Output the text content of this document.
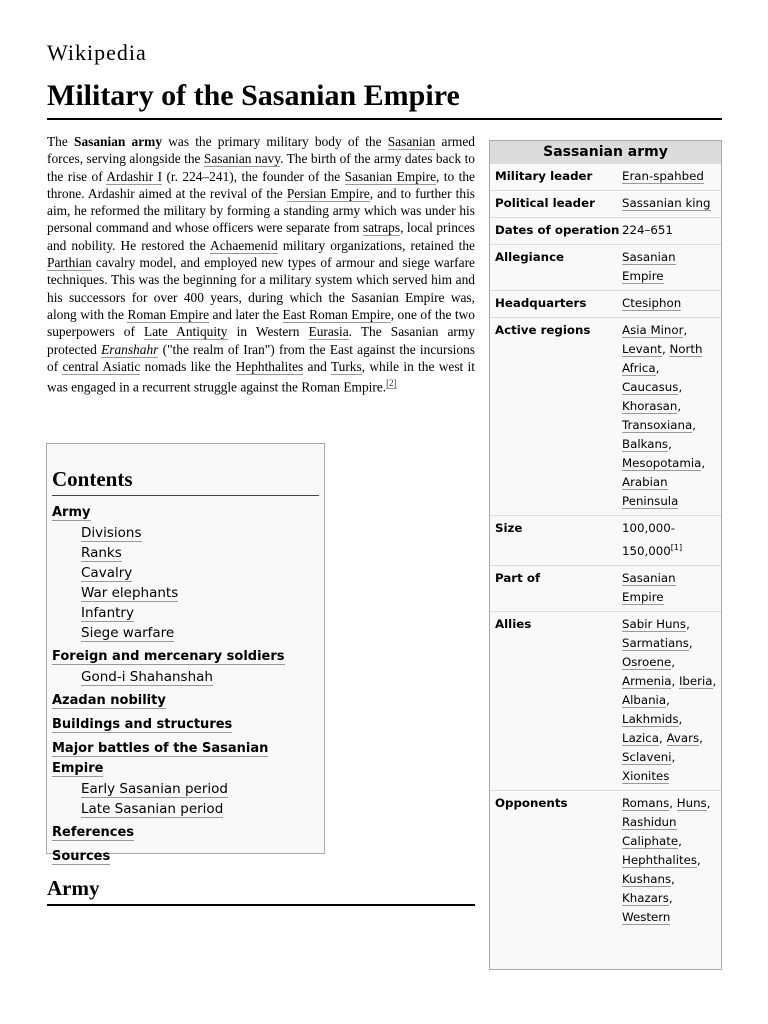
Wikipedia
Military of the Sasanian Empire

The Sasanian army was the primary military body of the Sasanian armed forces, serving alongside the Sasanian navy. The birth of the army dates back to the rise of Ardashir I (r. 224–241), the founder of the Sasanian Empire, to the throne. Ardashir aimed at the revival of the Persian Empire, and to further this aim, he reformed the military by forming a standing army which was under his personal command and whose officers were separate from satraps, local princes and nobility. He restored the Achaemenid military organizations, retained the Parthian cavalry model, and employed new types of armour and siege warfare techniques. This was the beginning for a military system which served him and his successors for over 400 years, during which the Sasanian Empire was, along with the Roman Empire and later the East Roman Empire, one of the two superpowers of Late Antiquity in Western Eurasia. The Sasanian army protected Eranshahr ("the realm of Iran") from the East against the incursions of central Asiatic nomads like the Hephthalites and Turks, while in the west it was engaged in a recurrent struggle against the Roman Empire.[2]

Contents
Army
Divisions
Ranks
Cavalry
War elephants
Infantry
Siege warfare
Foreign and mercenary soldiers
Gond-i Shahanshah
Azadan nobility
Buildings and structures
Major battles of the Sasanian Empire
Early Sasanian period
Late Sasanian period
References
Sources
Army
Sassanian army
Military leader	Eran-spahbed
Political leader	Sassanian king
Dates of operation 224–651
Allegiance	Sasanian Empire
Headquarters	Ctesiphon
Active regions	Asia Minor, Levant, North Africa, Caucasus, Khorasan, Transoxiana, Balkans, Mesopotamia, Arabian Peninsula
Size	100,000-150,000[1]
Part of	Sasanian Empire
Allies	Sabir Huns, Sarmatians, Osroene, Armenia, Iberia, Albania, Lakhmids, Lazica, Avars, Sclaveni, Xionites
Opponents	Romans, Huns, Rashidun Caliphate, Hephthalites, Kushans, Khazars, Western
